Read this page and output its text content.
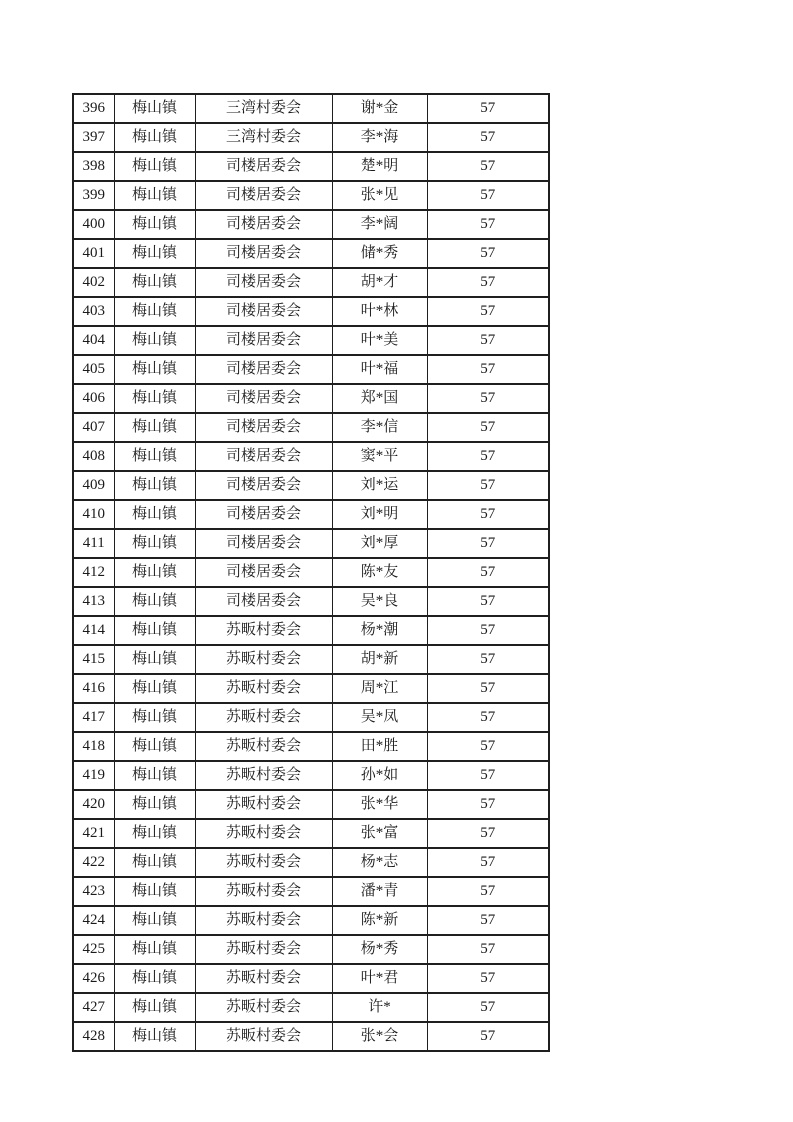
396	梅山镇	三湾村委会	谢*金	57
397	梅山镇	三湾村委会	李*海	57
398	梅山镇	司楼居委会	楚*明	57
399	梅山镇	司楼居委会	张*见	57
400	梅山镇	司楼居委会	李*阔	57
401	梅山镇	司楼居委会	储*秀	57
402	梅山镇	司楼居委会	胡*才	57
403	梅山镇	司楼居委会	叶*林	57
404	梅山镇	司楼居委会	叶*美	57
405	梅山镇	司楼居委会	叶*福	57
406	梅山镇	司楼居委会	郑*国	57
407	梅山镇	司楼居委会	李*信	57
408	梅山镇	司楼居委会	窦*平	57
409	梅山镇	司楼居委会	刘*运	57
410	梅山镇	司楼居委会	刘*明	57
411	梅山镇	司楼居委会	刘*厚	57
412	梅山镇	司楼居委会	陈*友	57
413	梅山镇	司楼居委会	吴*良	57
414	梅山镇	苏畈村委会	杨*潮	57
415	梅山镇	苏畈村委会	胡*新	57
416	梅山镇	苏畈村委会	周*江	57
417	梅山镇	苏畈村委会	吴*凤	57
418	梅山镇	苏畈村委会	田*胜	57
419	梅山镇	苏畈村委会	孙*如	57
420	梅山镇	苏畈村委会	张*华	57
421	梅山镇	苏畈村委会	张*富	57
422	梅山镇	苏畈村委会	杨*志	57
423	梅山镇	苏畈村委会	潘*青	57
424	梅山镇	苏畈村委会	陈*新	57
425	梅山镇	苏畈村委会	杨*秀	57
426	梅山镇	苏畈村委会	叶*君	57
427	梅山镇	苏畈村委会	许*	57
428	梅山镇	苏畈村委会	张*会	57
